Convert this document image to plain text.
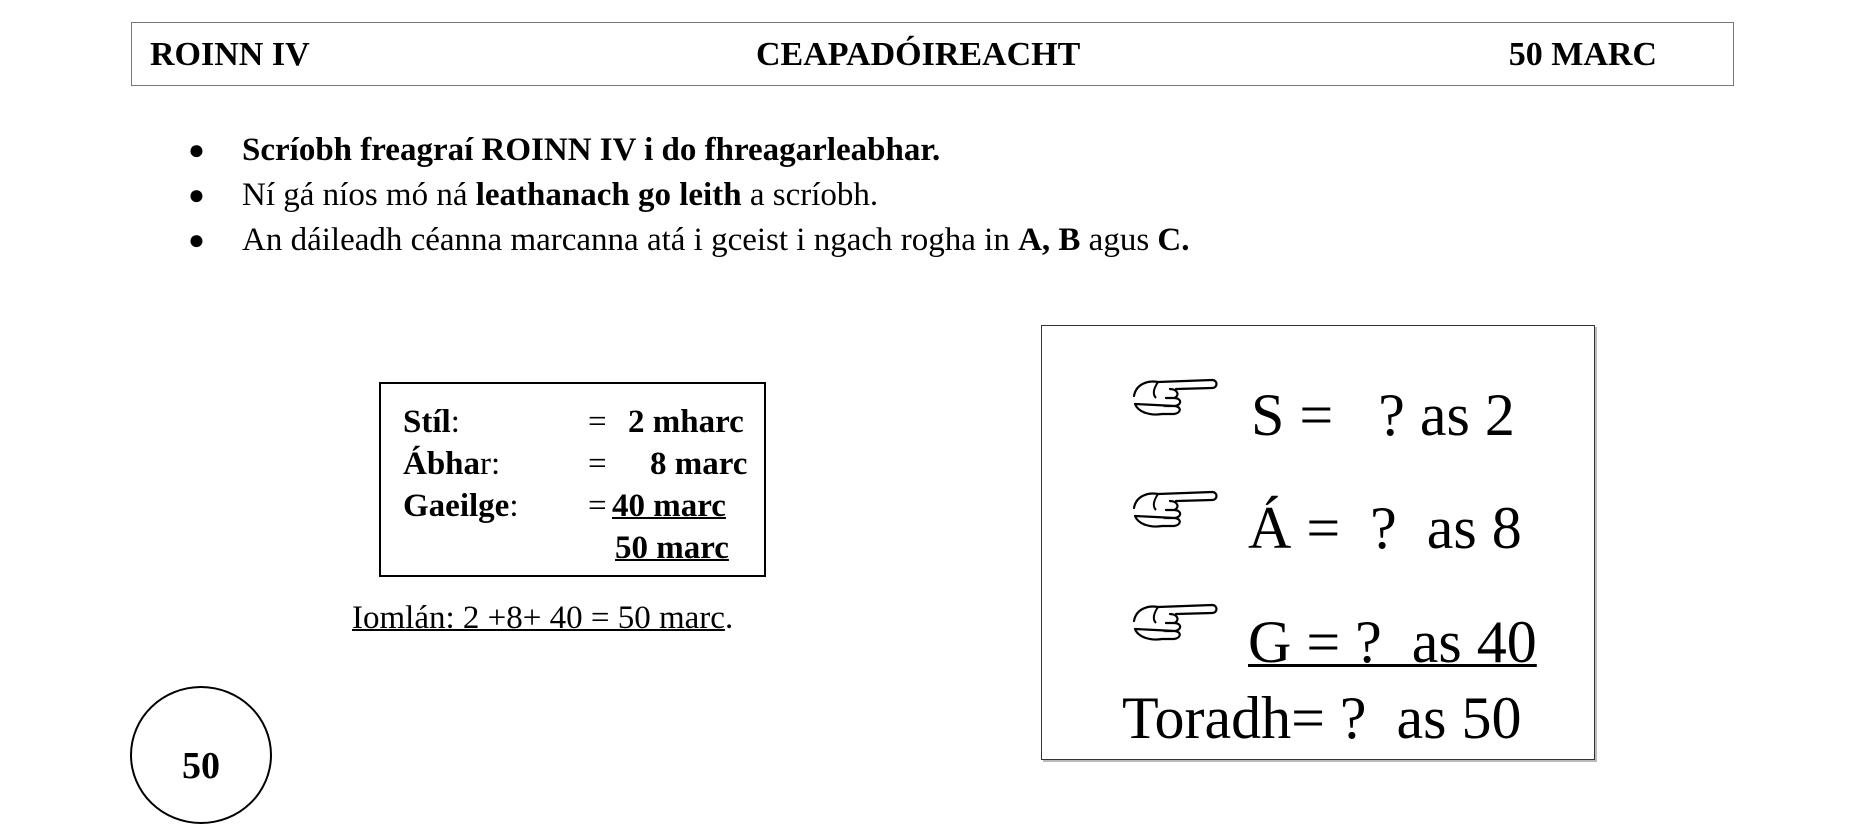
ROINN IV	CEAPADÓIREACHT	50 MARC
● Scríobh freagraí ROINN IV i do fhreagarleabhar.
● Ní gá níos mó ná leathanach go leith a scríobh.
● An dáileadh céanna marcanna atá i gceist i ngach rogha in A, B agus C.
Stíl:	= 2 mharc
Ábhar:	= 8 marc
Gaeilge: = 40 marc
50 marc
Iomlán: 2 +8+ 40 = 50 marc.
50
S =   ? as 2
Á =  ?  as 8
G = ?  as 40
Toradh= ?  as 50
